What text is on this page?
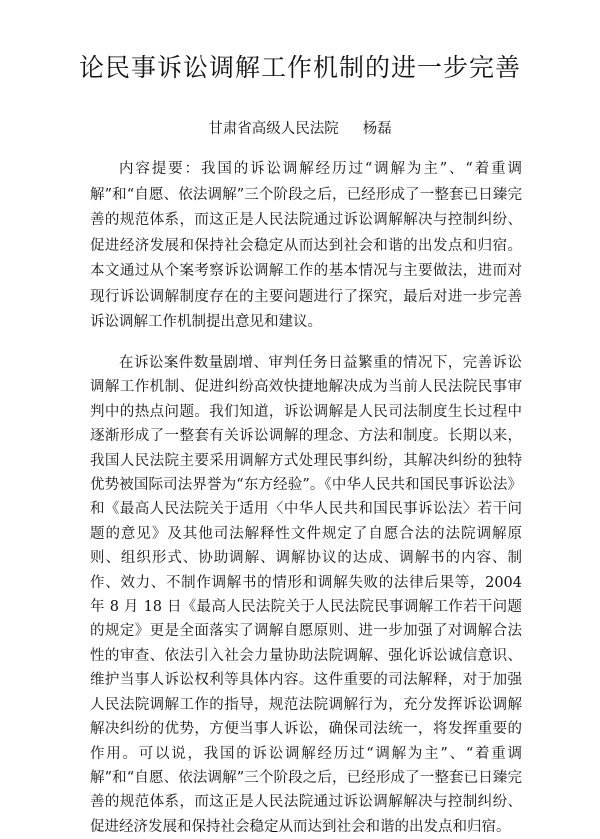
论民事诉讼调解工作机制的进一步完善

甘肃省高级人民法院 杨磊

内容提要：我国的诉讼调解经历过“调解为主”、“着重调解”和“自愿、依法调解”三个阶段之后，已经形成了一整套已日臻完善的规范体系，而这正是人民法院通过诉讼调解解决与控制纠纷、促进经济发展和保持社会稳定从而达到社会和谐的出发点和归宿。本文通过从个案考察诉讼调解工作的基本情况与主要做法，进而对现行诉讼调解制度存在的主要问题进行了探究，最后对进一步完善诉讼调解工作机制提出意见和建议。

在诉讼案件数量剧增、审判任务日益繁重的情况下，完善诉讼调解工作机制、促进纠纷高效快捷地解决成为当前人民法院民事审判中的热点问题。我们知道，诉讼调解是人民司法制度生长过程中逐渐形成了一整套有关诉讼调解的理念、方法和制度。长期以来，我国人民法院主要采用调解方式处理民事纠纷，其解决纠纷的独特优势被国际司法界誉为“东方经验”。《中华人民共和国民事诉讼法》和《最高人民法院关于适用〈中华人民共和国民事诉讼法〉若干问题的意见》及其他司法解释性文件规定了自愿合法的法院调解原则、组织形式、协助调解、调解协议的达成、调解书的内容、制作、效力、不制作调解书的情形和调解失败的法律后果等，2004 年 8 月 18 日《最高人民法院关于人民法院民事调解工作若干问题的规定》更是全面落实了调解自愿原则、进一步加强了对调解合法性的审查、依法引入社会力量协助法院调解、强化诉讼诚信意识、维护当事人诉讼权利等具体内容。这件重要的司法解释，对于加强人民法院调解工作的指导，规范法院调解行为，充分发挥诉讼调解解决纠纷的优势，方便当事人诉讼，确保司法统一，将发挥重要的作用。可以说，我国的诉讼调解经历过“调解为主”、“着重调解”和“自愿、依法调解”三个阶段之后，已经形成了一整套已日臻完善的规范体系，而这正是人民法院通过诉讼调解解决与控制纠纷、促进经济发展和保持社会稳定从而达到社会和谐的出发点和归宿。
